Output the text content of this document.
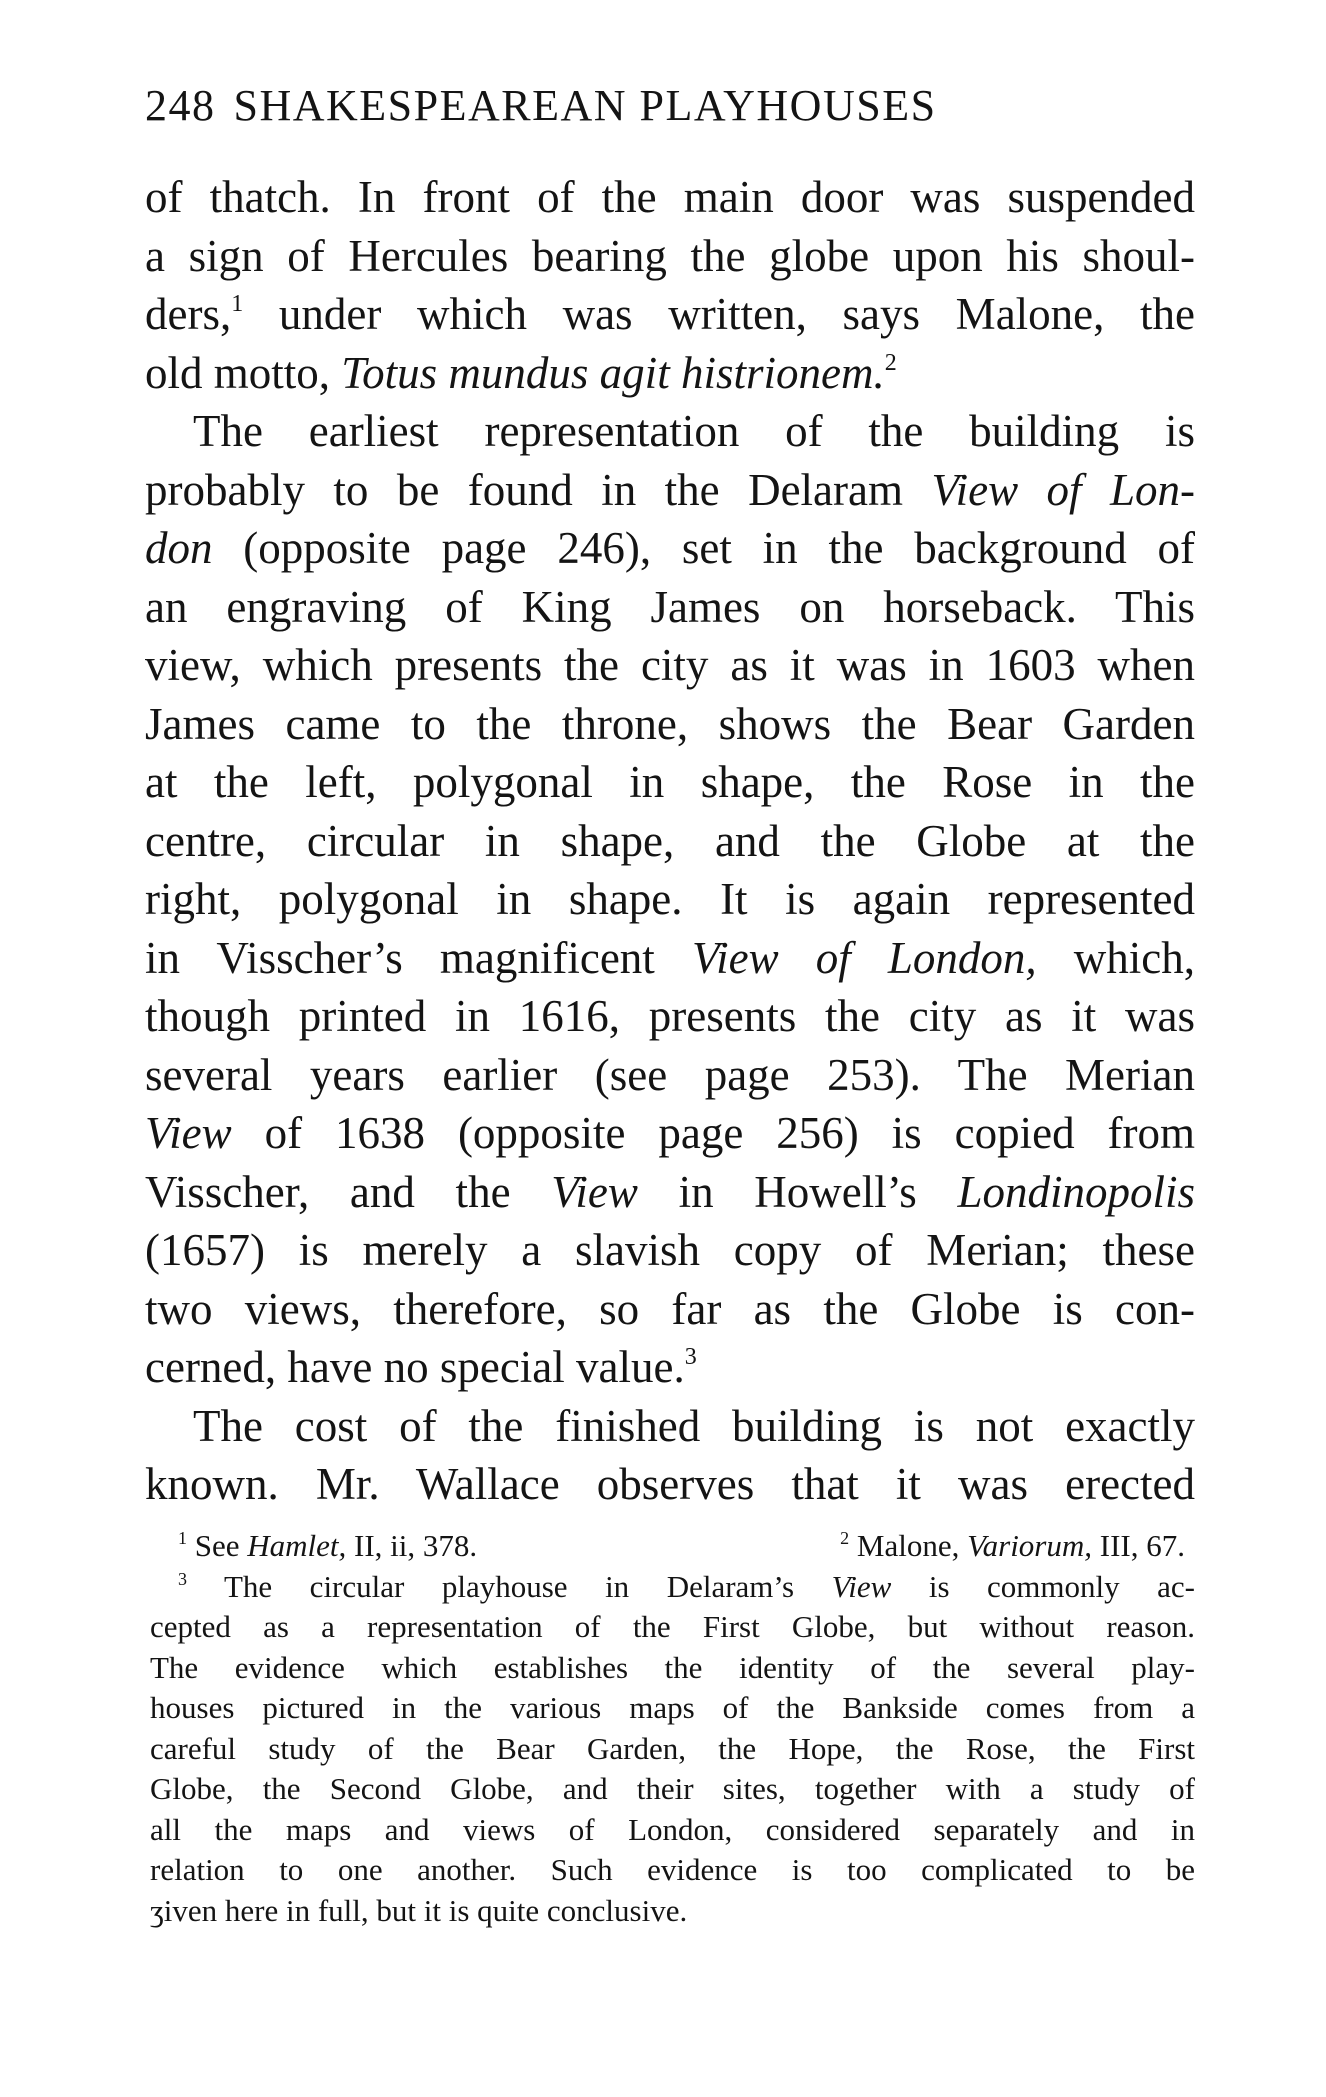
248 SHAKESPEAREAN PLAYHOUSES
of thatch. In front of the main door was suspended
a sign of Hercules bearing the globe upon his shoul-
ders,$^1$ under which was written, says Malone, the
old motto, Totus mundus agit histrionem.$^2$
The earliest representation of the building is
probably to be found in the Delaram View of Lon-
don (opposite page 246), set in the background of
an engraving of King James on horseback. This
view, which presents the city as it was in 1603 when
James came to the throne, shows the Bear Garden
at the left, polygonal in shape, the Rose in the
centre, circular in shape, and the Globe at the
right, polygonal in shape. It is again represented
in Visscher’s magnificent View of London, which,
though printed in 1616, presents the city as it was
several years earlier (see page 253). The Merian
View of 1638 (opposite page 256) is copied from
Visscher, and the View in Howell’s Londinopolis
(1657) is merely a slavish copy of Merian; these
two views, therefore, so far as the Globe is con-
cerned, have no special value.$^3$
The cost of the finished building is not exactly
known. Mr. Wallace observes that it was erected
$^1$ See Hamlet, II, ii, 378.	$^2$ Malone, Variorum, III, 67.
$^3$ The circular playhouse in Delaram’s View is commonly ac-
cepted as a representation of the First Globe, but without reason.
The evidence which establishes the identity of the several play-
houses pictured in the various maps of the Bankside comes from a
careful study of the Bear Garden, the Hope, the Rose, the First
Globe, the Second Globe, and their sites, together with a study of
all the maps and views of London, considered separately and in
relation to one another. Such evidence is too complicated to be
ʒiven here in full, but it is quite conclusive.
